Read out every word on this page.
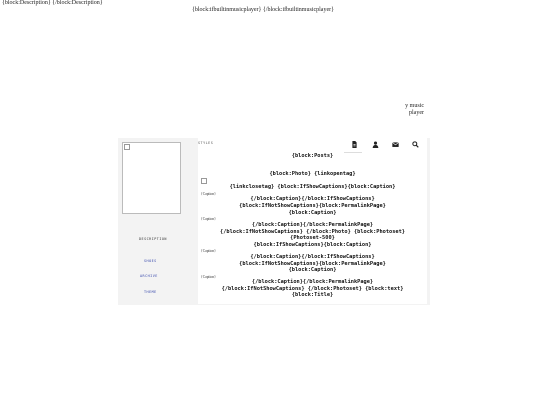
{block:Description} {/block:Description}
{block:ifbuiltinmusicplayer} {/block:ifbuiltinmusicplayer}
y music
player
DESCRIPTION
SHOES
ARCHIVE
THEME
STYLES
{block:Posts}
{block:Photo} {linkopentag}
{linkclosetag} {block:IfShowCaptions}{block:Caption}
{Caption}
{/block:Caption}{/block:IfShowCaptions}
{block:IfNotShowCaptions}{block:PermalinkPage}
{block:Caption}
{Caption}
{/block:Caption}{/block:PermalinkPage}
{/block:IfNotShowCaptions} {/block:Photo} {block:Photoset}
{Photoset-500}
{block:IfShowCaptions}{block:Caption}
{Caption}
{/block:Caption}{/block:IfShowCaptions}
{block:IfNotShowCaptions}{block:PermalinkPage}
{block:Caption}
{Caption}
{/block:Caption}{/block:PermalinkPage}
{/block:IfNotShowCaptions} {/block:Photoset} {block:text}
{block:Title}
